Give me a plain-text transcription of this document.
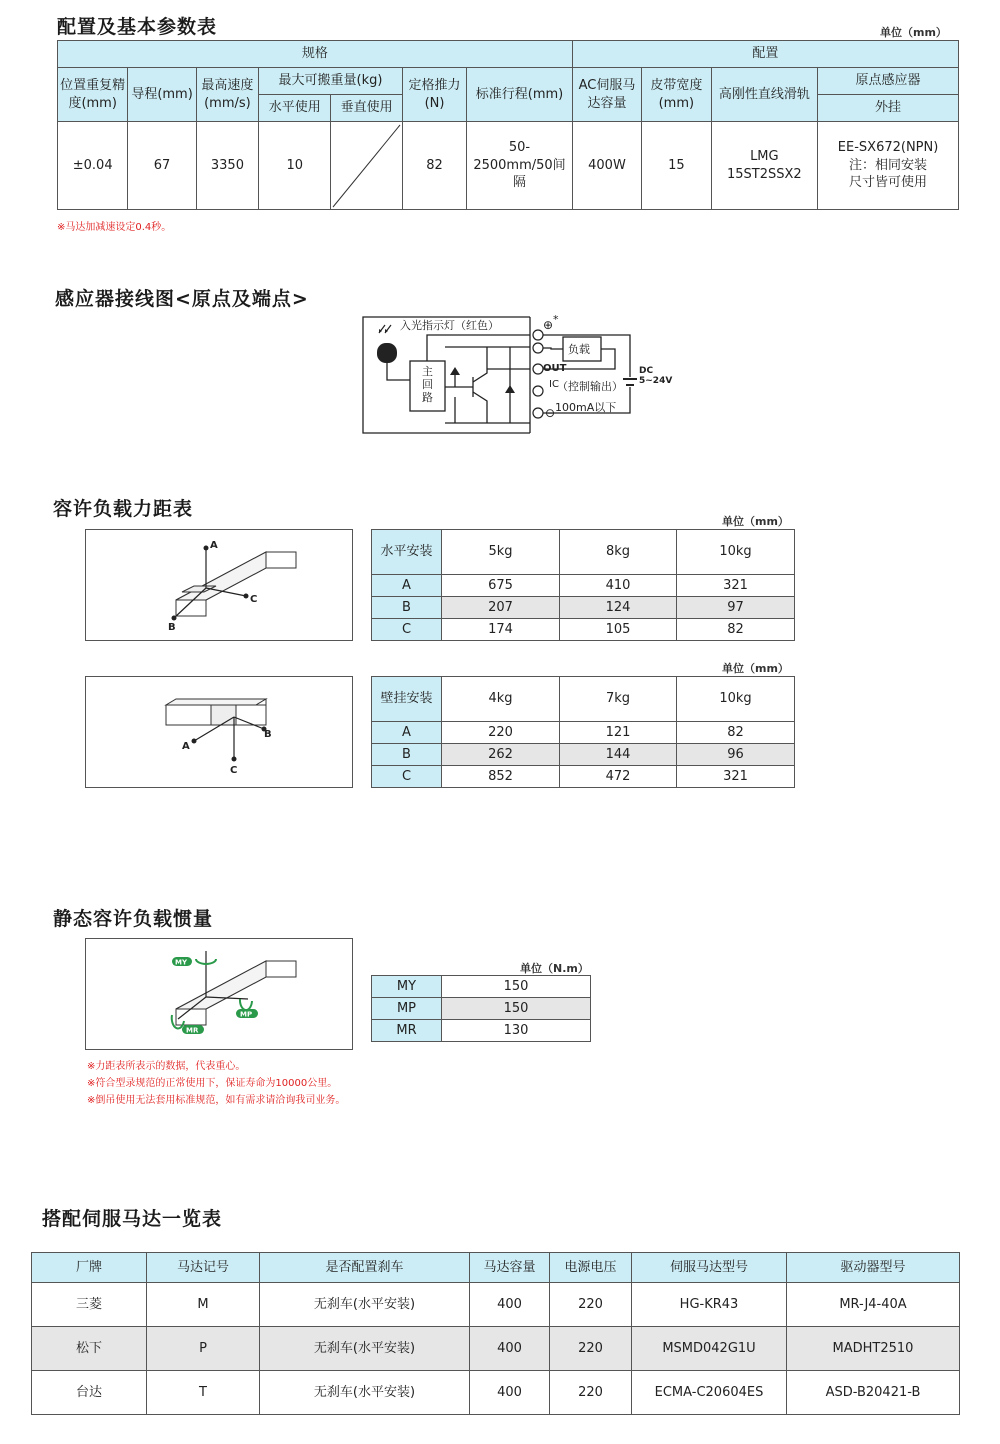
配置及基本参数表	单位（mm）
规格							配置			
位置重复精度(mm)	导程(mm)	最高速度(mm/s)	最大可搬重量(kg)		定格推力(N)	标准行程(mm)	AC伺服马达容量	皮带宽度(mm)	高刚性直线滑轨	原点感应器
			水平使用	垂直使用						外挂
±0.04	67	3350	10		82	50-2500mm/50间隔	400W	15	LMG 15ST2SSX2	EE-SX672(NPN)
注：相同安装
尺寸皆可使用
※马达加减速设定0.4秒。
感应器接线图<原点及端点>
入光指示灯（红色）
主 回 路
负载
⊕ *
OUT
IC
（控制输出）
⊖ 100mA以下
DC
5~24V
容许负载力距表
A
C
B
单位（mm）
水平安装	5kg	8kg	10kg
A	675	410	321
B	207	124	97
C	174	105	82
A
B
C
单位（mm）
壁挂安装	4kg	7kg	10kg
A	220	121	82
B	262	144	96
C	852	472	321
静态容许负载惯量
MY
MP
MR
单位（N.m）
MY	150
MP	150
MR	130
※力距表所表示的数据，代表重心。
※符合型录规范的正常使用下，保证寿命为10000公里。
※倒吊使用无法套用标准规范，如有需求请洽询我司业务。
搭配伺服马达一览表
厂牌	马达记号	是否配置刹车	马达容量	电源电压	伺服马达型号	驱动器型号
三菱	M	无刹车(水平安装)	400	220	HG-KR43	MR-J4-40A
松下	P	无刹车(水平安装)	400	220	MSMD042G1U	MADHT2510
台达	T	无刹车(水平安装)	400	220	ECMA-C20604ES	ASD-B20421-B
